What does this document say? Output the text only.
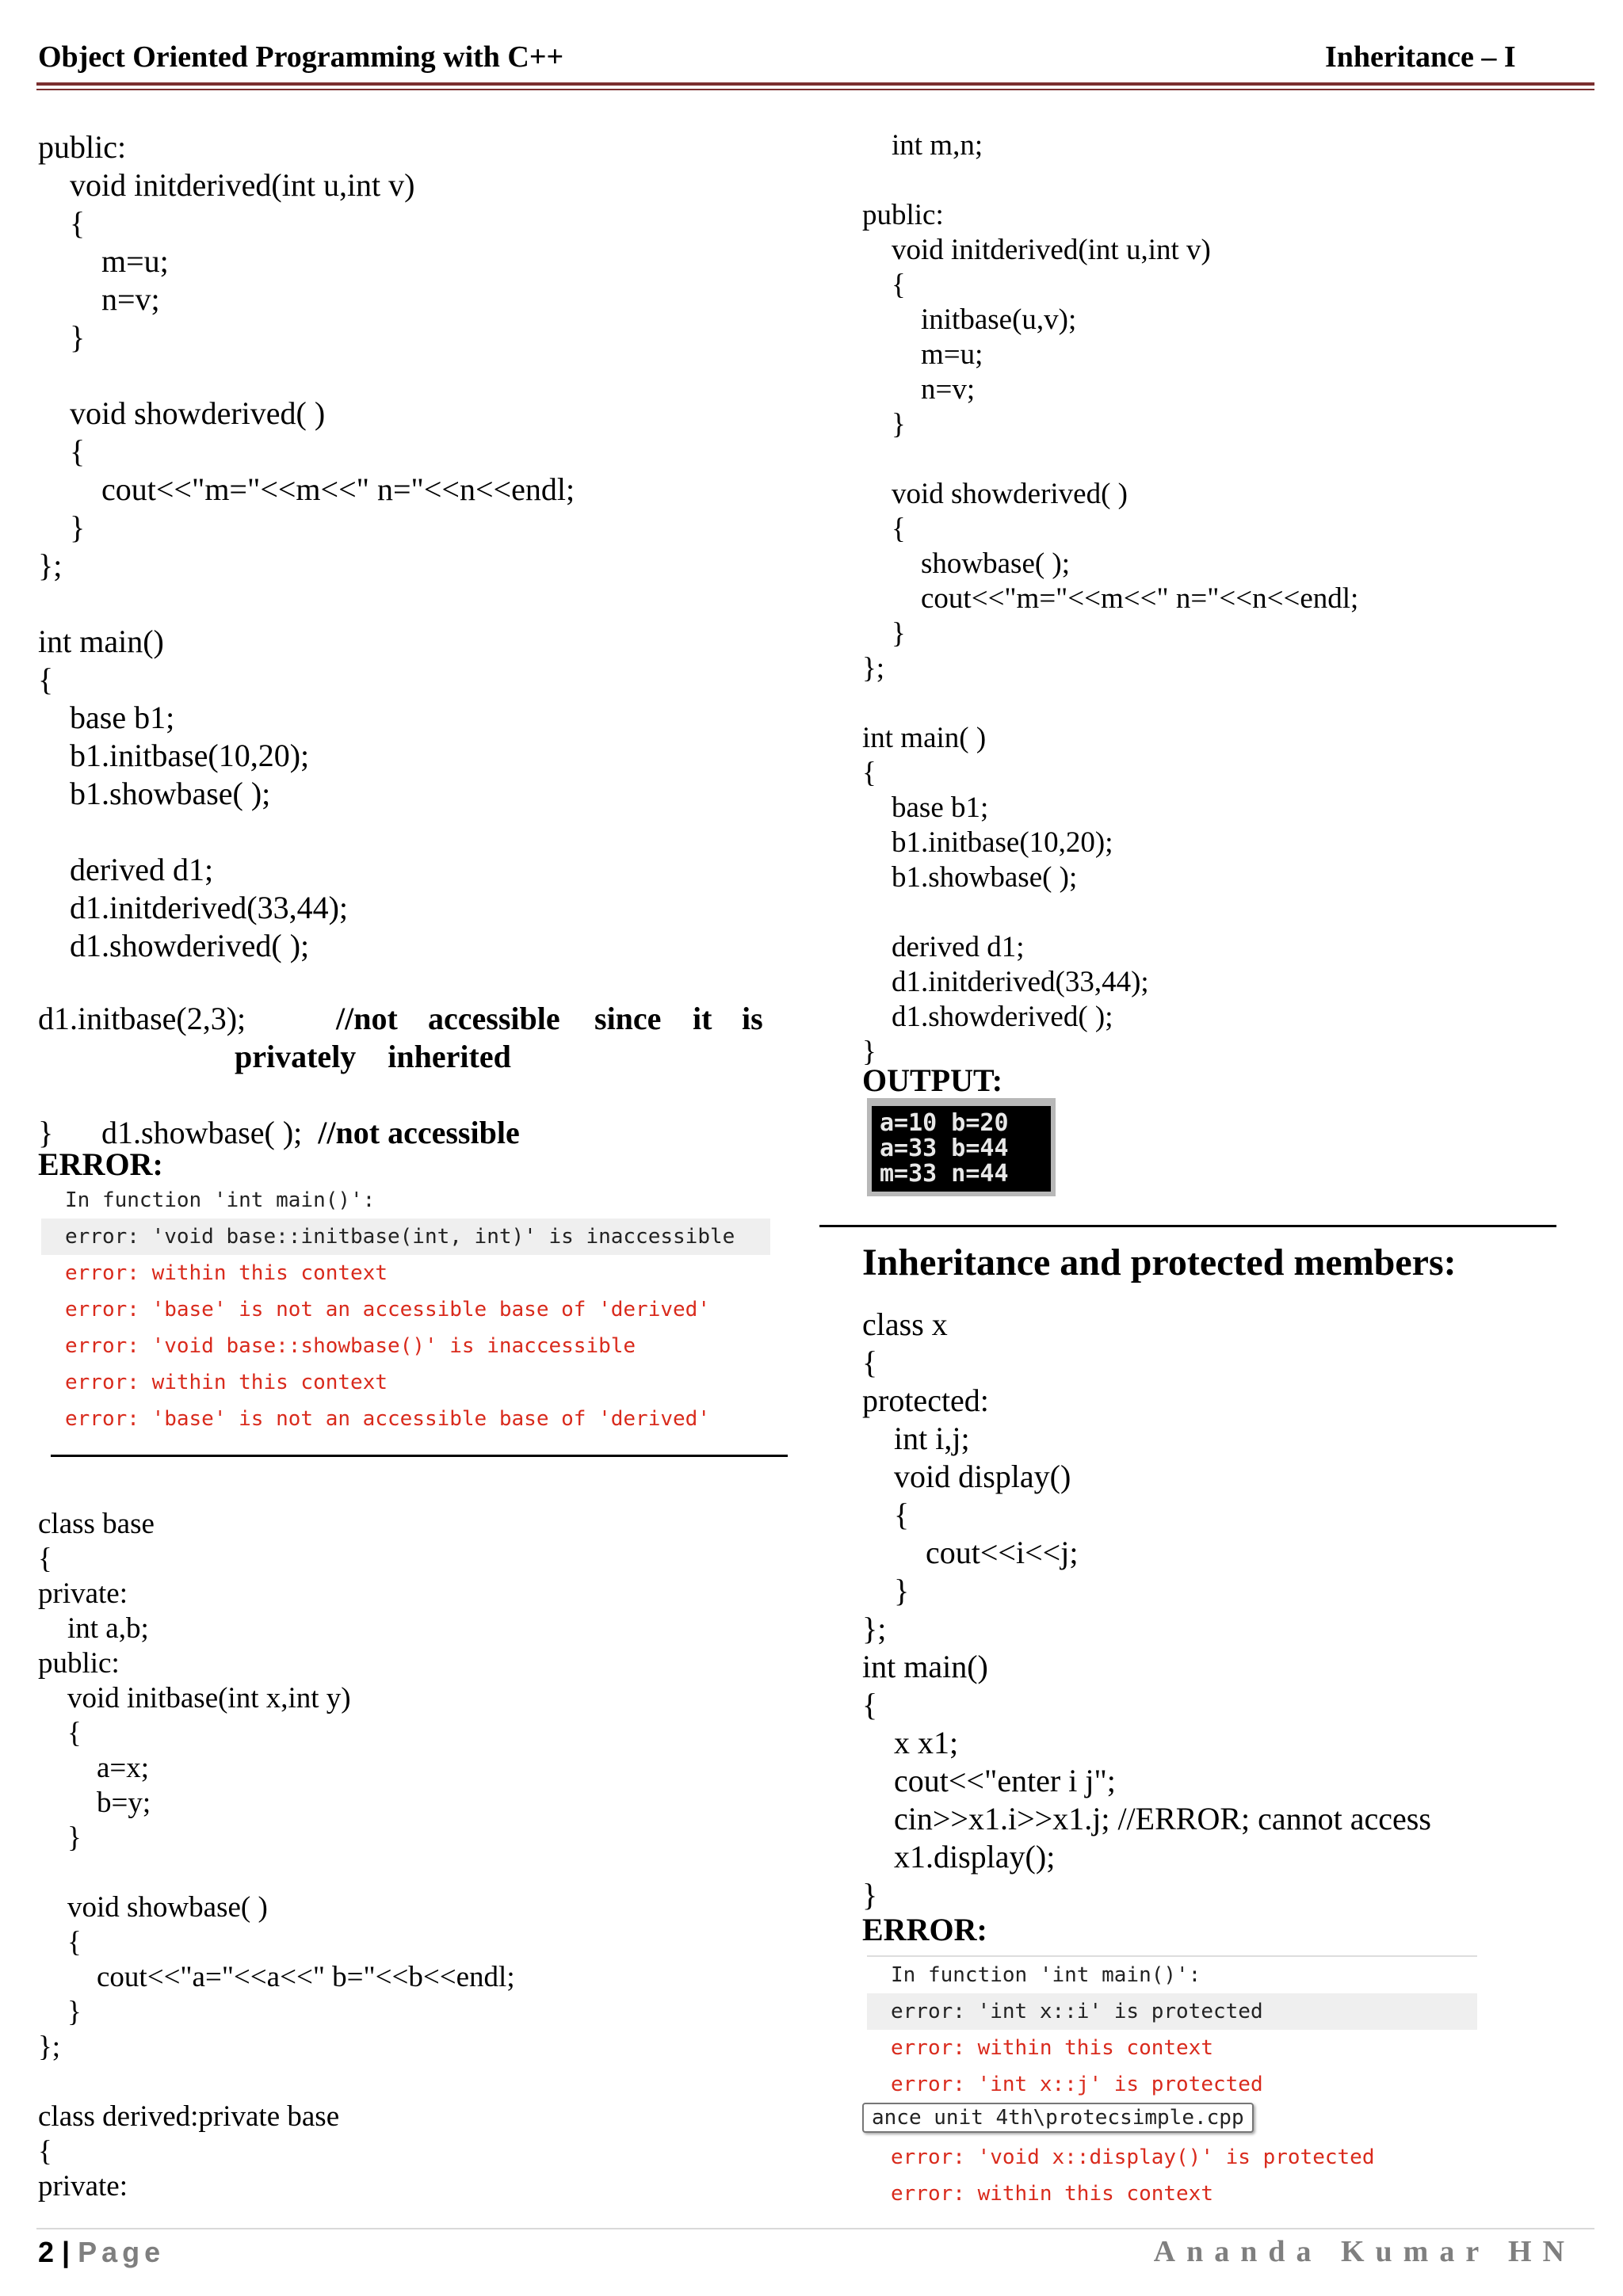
Object Oriented Programming with C++	Inheritance – I
public:
void initderived(int u,int v)
{
m=u;
n=v;
}
void showderived( )
{
cout<<"m="<<m<<" n="<<n<<endl;
}
};
int main()
{
base b1;
b1.initbase(10,20);
b1.showbase( );
derived d1;
d1.initderived(33,44);
d1.showderived( );
d1.initbase(2,3);	//not accessible since it is
privately    inherited

d1.showbase( ); //not accessible

}
ERROR:
In function 'int main()':
error: 'void base::initbase(int, int)' is inaccessible
error: within this context
error: 'base' is not an accessible base of 'derived'
error: 'void base::showbase()' is inaccessible
error: within this context
error: 'base' is not an accessible base of 'derived'
class base
{
private:
int a,b;
public:
void initbase(int x,int y)
{
a=x;
b=y;
}
void showbase( )
{
cout<<"a="<<a<<" b="<<b<<endl;
}
};
class derived:private base
{
private:
int m,n;
public:
void initderived(int u,int v)
{
initbase(u,v);
m=u;
n=v;
}
void showderived( )
{
showbase( );
cout<<"m="<<m<<" n="<<n<<endl;
}
};
int main( )
{
base b1;
b1.initbase(10,20);
b1.showbase( );
derived d1;
d1.initderived(33,44);
d1.showderived( );
}
OUTPUT:
a=10 b=20
a=33 b=44
m=33 n=44
Inheritance and protected members:
class x
{
protected:
int i,j;
void display()
{
cout<<i<<j;
}
};
int main()
{
x x1;
cout<<"enter i j";
cin>>x1.i>>x1.j; //ERROR; cannot access
x1.display();
}
ERROR:
In function 'int main()':
error: 'int x::i' is protected
error: within this context
error: 'int x::j' is protected
error: 'void x::display()' is protected
error: within this context
ance unit 4th\protecsimple.cpp
2 | Page	Ananda Kumar HN
